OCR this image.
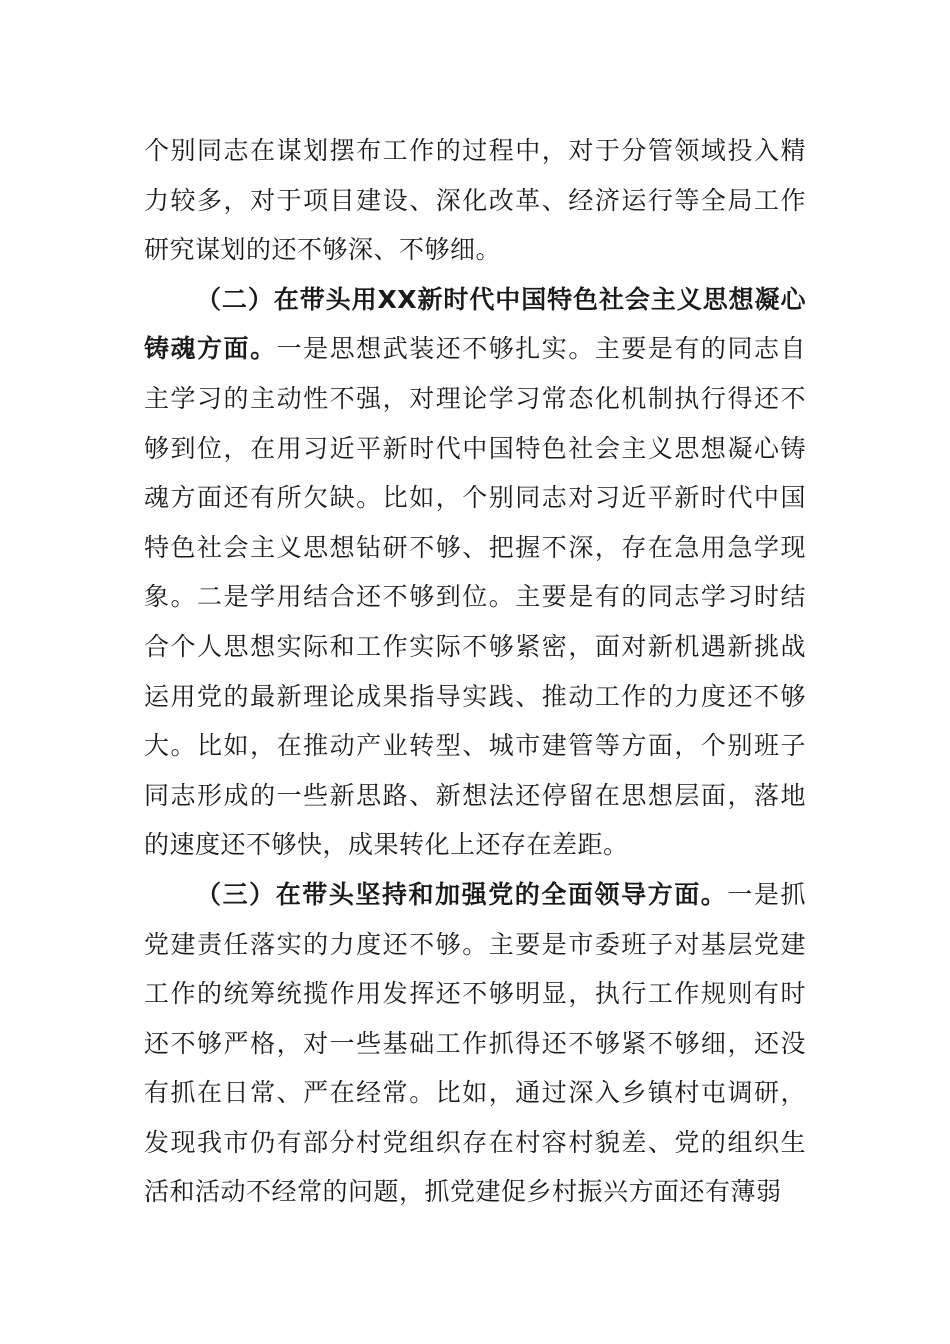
个别同志在谋划摆布工作的过程中，对于分管领域投入精力较多，对于项目建设、深化改革、经济运行等全局工作研究谋划的还不够深、不够细。

（二）在带头用XX新时代中国特色社会主义思想凝心铸魂方面。一是思想武装还不够扎实。主要是有的同志自主学习的主动性不强，对理论学习常态化机制执行得还不够到位，在用习近平新时代中国特色社会主义思想凝心铸魂方面还有所欠缺。比如，个别同志对习近平新时代中国特色社会主义思想钻研不够、把握不深，存在急用急学现象。二是学用结合还不够到位。主要是有的同志学习时结合个人思想实际和工作实际不够紧密，面对新机遇新挑战运用党的最新理论成果指导实践、推动工作的力度还不够大。比如，在推动产业转型、城市建管等方面，个别班子同志形成的一些新思路、新想法还停留在思想层面，落地的速度还不够快，成果转化上还存在差距。

（三）在带头坚持和加强党的全面领导方面。一是抓党建责任落实的力度还不够。主要是市委班子对基层党建工作的统筹统揽作用发挥还不够明显，执行工作规则有时还不够严格，对一些基础工作抓得还不够紧不够细，还没有抓在日常、严在经常。比如，通过深入乡镇村屯调研，发现我市仍有部分村党组织存在村容村貌差、党的组织生活和活动不经常的问题，抓党建促乡村振兴方面还有薄弱
